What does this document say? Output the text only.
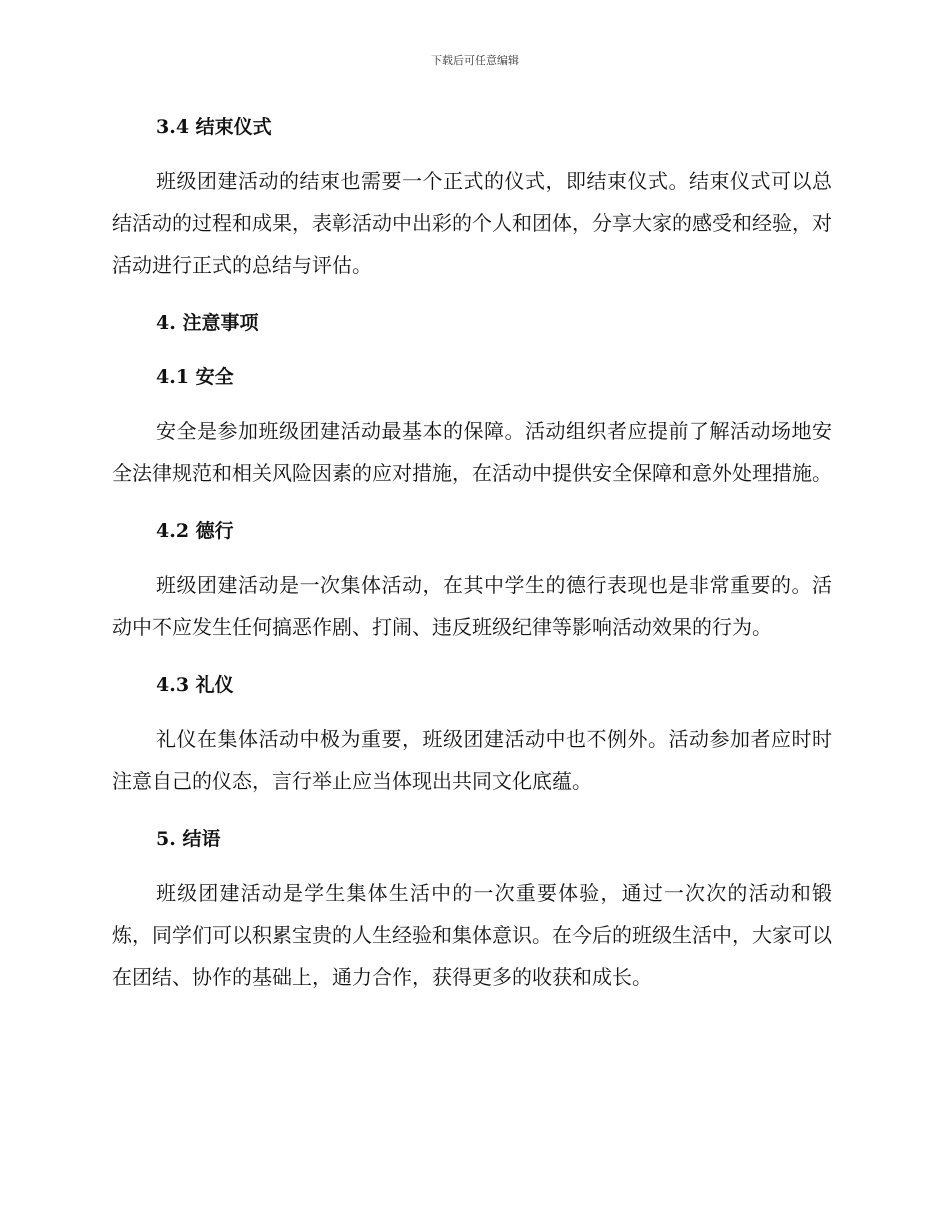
下载后可任意编辑
3.4 结束仪式

班级团建活动的结束也需要一个正式的仪式，即结束仪式。结束仪式可以总结活动的过程和成果，表彰活动中出彩的个人和团体，分享大家的感受和经验，对活动进行正式的总结与评估。

4. 注意事项
4.1 安全

安全是参加班级团建活动最基本的保障。活动组织者应提前了解活动场地安全法律规范和相关风险因素的应对措施，在活动中提供安全保障和意外处理措施。

4.2 德行

班级团建活动是一次集体活动，在其中学生的德行表现也是非常重要的。活动中不应发生任何搞恶作剧、打闹、违反班级纪律等影响活动效果的行为。

4.3 礼仪

礼仪在集体活动中极为重要，班级团建活动中也不例外。活动参加者应时时注意自己的仪态，言行举止应当体现出共同文化底蕴。

5. 结语

班级团建活动是学生集体生活中的一次重要体验，通过一次次的活动和锻炼，同学们可以积累宝贵的人生经验和集体意识。在今后的班级生活中，大家可以在团结、协作的基础上，通力合作，获得更多的收获和成长。
